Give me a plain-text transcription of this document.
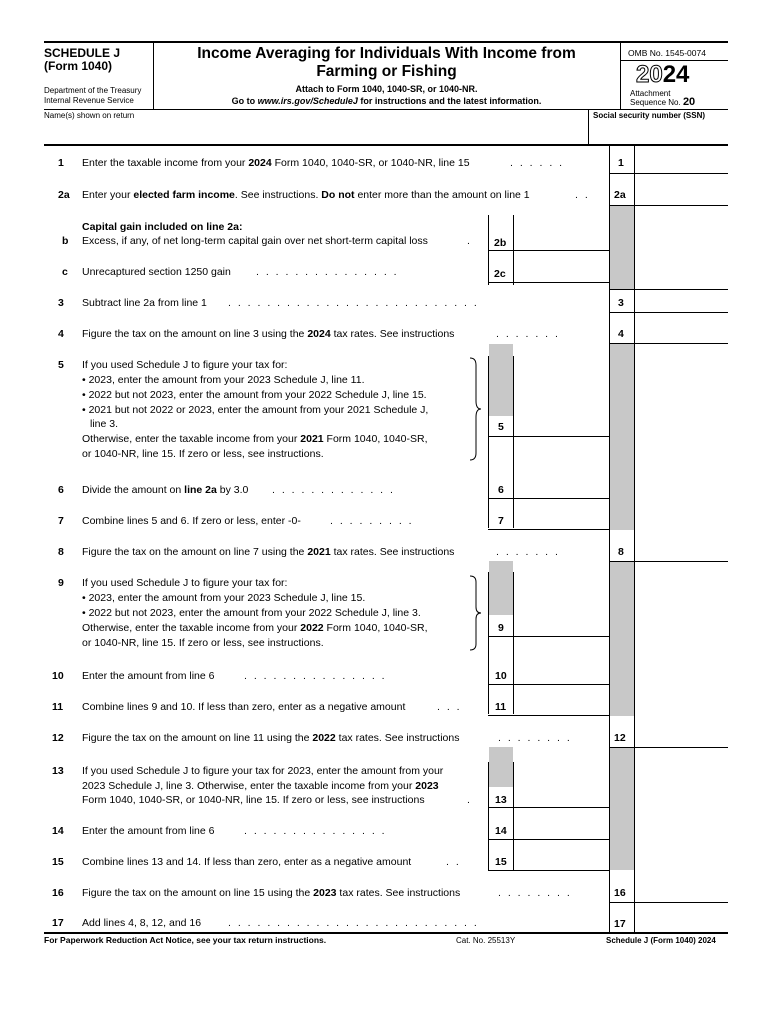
SCHEDULE J
(Form 1040)
Department of the Treasury
Internal Revenue Service
Income Averaging for Individuals With Income from
Farming or Fishing
Attach to Form 1040, 1040-SR, or 1040-NR.
Go to www.irs.gov/ScheduleJ for instructions and the latest information.
OMB No. 1545-0074
2024
Attachment
Sequence No. 20
Name(s) shown on return	Social security number (SSN)
1 Enter the taxable income from your 2024 Form 1040, 1040-SR, or 1040-NR, line 15	. . . . . .	1
2a Enter your elected farm income. See instructions. Do not enter more than the amount on line 1	. . 2a
Capital gain included on line 2a:
b Excess, if any, of net long-term capital gain over net short-term capital loss	. 2b
c Unrecaptured section 1250 gain . . . . . . . . . . . . . . .	2c
3 Subtract line 2a from line 1 . . . . . . . . . . . . . . . . . . . . . . . . . .	3
4 Figure the tax on the amount on line 3 using the 2024 tax rates. See instructions	. . . . . . .	4
5 If you used Schedule J to figure your tax for:
• 2023, enter the amount from your 2023 Schedule J, line 11.
• 2022 but not 2023, enter the amount from your 2022 Schedule J, line 15.
• 2021 but not 2022 or 2023, enter the amount from your 2021 Schedule J,
line 3.
Otherwise, enter the taxable income from your 2021 Form 1040, 1040-SR,
or 1040-NR, line 15. If zero or less, see instructions.
5
6 Divide the amount on line 2a by 3.0 . . . . . . . . . . . . .	6
7 Combine lines 5 and 6. If zero or less, enter -0-	. . . . . . . . .	7
8 Figure the tax on the amount on line 7 using the 2021 tax rates. See instructions	. . . . . . .	8
9 If you used Schedule J to figure your tax for:
• 2023, enter the amount from your 2023 Schedule J, line 15.
• 2022 but not 2023, enter the amount from your 2022 Schedule J, line 3.
Otherwise, enter the taxable income from your 2022 Form 1040, 1040-SR,
or 1040-NR, line 15. If zero or less, see instructions.
9
10 Enter the amount from line 6	. . . . . . . . . . . . . . .	10
11 Combine lines 9 and 10. If less than zero, enter as a negative amount	. . .	11
12 Figure the tax on the amount on line 11 using the 2022 tax rates. See instructions	. . . . . . . .	12
13 If you used Schedule J to figure your tax for 2023, enter the amount from your
2023 Schedule J, line 3. Otherwise, enter the taxable income from your 2023
Form 1040, 1040-SR, or 1040-NR, line 15. If zero or less, see instructions	. 13
14 Enter the amount from line 6	. . . . . . . . . . . . . . .	14
15 Combine lines 13 and 14. If less than zero, enter as a negative amount	. .	15
16 Figure the tax on the amount on line 15 using the 2023 tax rates. See instructions	. . . . . . . .	16
17 Add lines 4, 8, 12, and 16	. . . . . . . . . . . . . . . . . . . . . . . . . .	17
For Paperwork Reduction Act Notice, see your tax return instructions.	Cat. No. 25513Y	Schedule J (Form 1040) 2024
